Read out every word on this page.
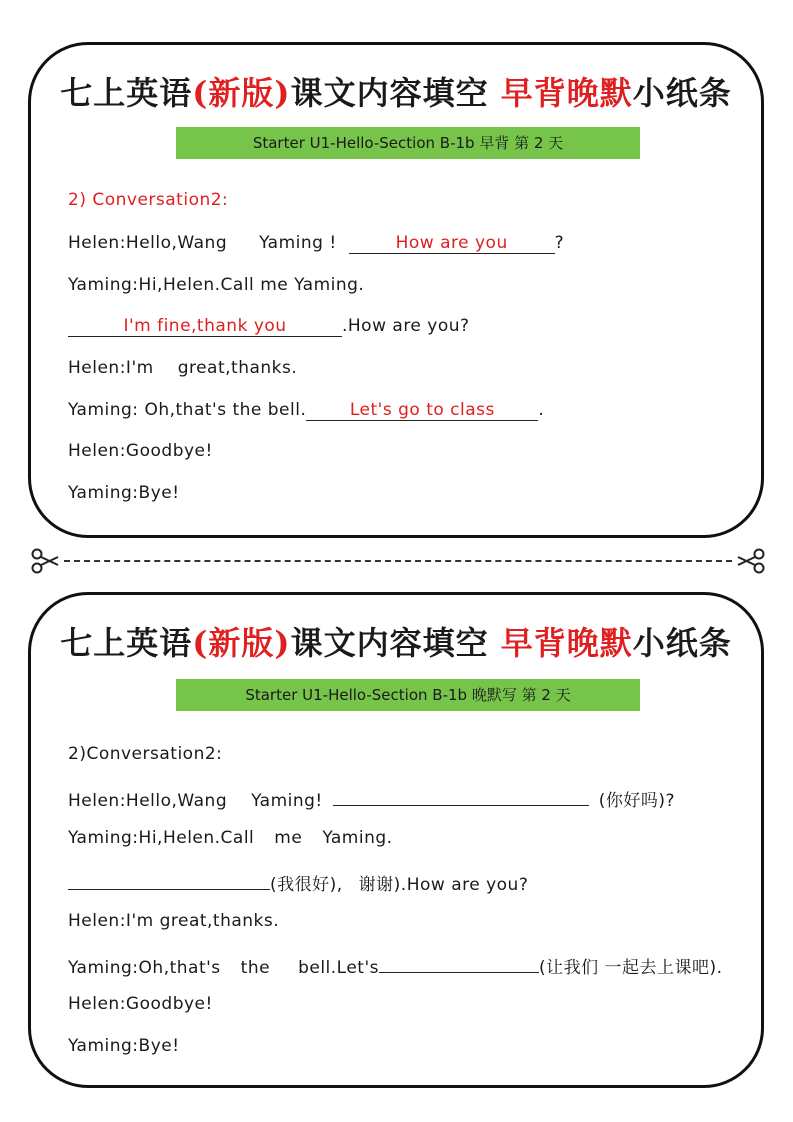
七上英语(新版)课文内容填空 早背晚默小纸条
Starter U1-Hello-Section B-1b 早背 第 2 天
2) Conversation2:
Helen:Hello,Wang Yaming !	How are you	?
Yaming:Hi,Helen.Call me Yaming.
I'm fine,thank you	.How are you?
Helen:I'm great,thanks.
Yaming: Oh,that's the bell.	Let's go to class	.
Helen:Goodbye!
Yaming:Bye!
七上英语(新版)课文内容填空 早背晚默小纸条
Starter U1-Hello-Section B-1b 晚默写 第 2 天
2)Conversation2:
Helen:Hello,Wang Yaming!	(你好吗)?
Yaming:Hi,Helen.Call me Yaming.
(我很好), 谢谢).How are you?
Helen:I'm great,thanks.
Yaming:Oh,that's the bell.Let's	(让我们 一起去上课吧).
Helen:Goodbye!
Yaming:Bye!
